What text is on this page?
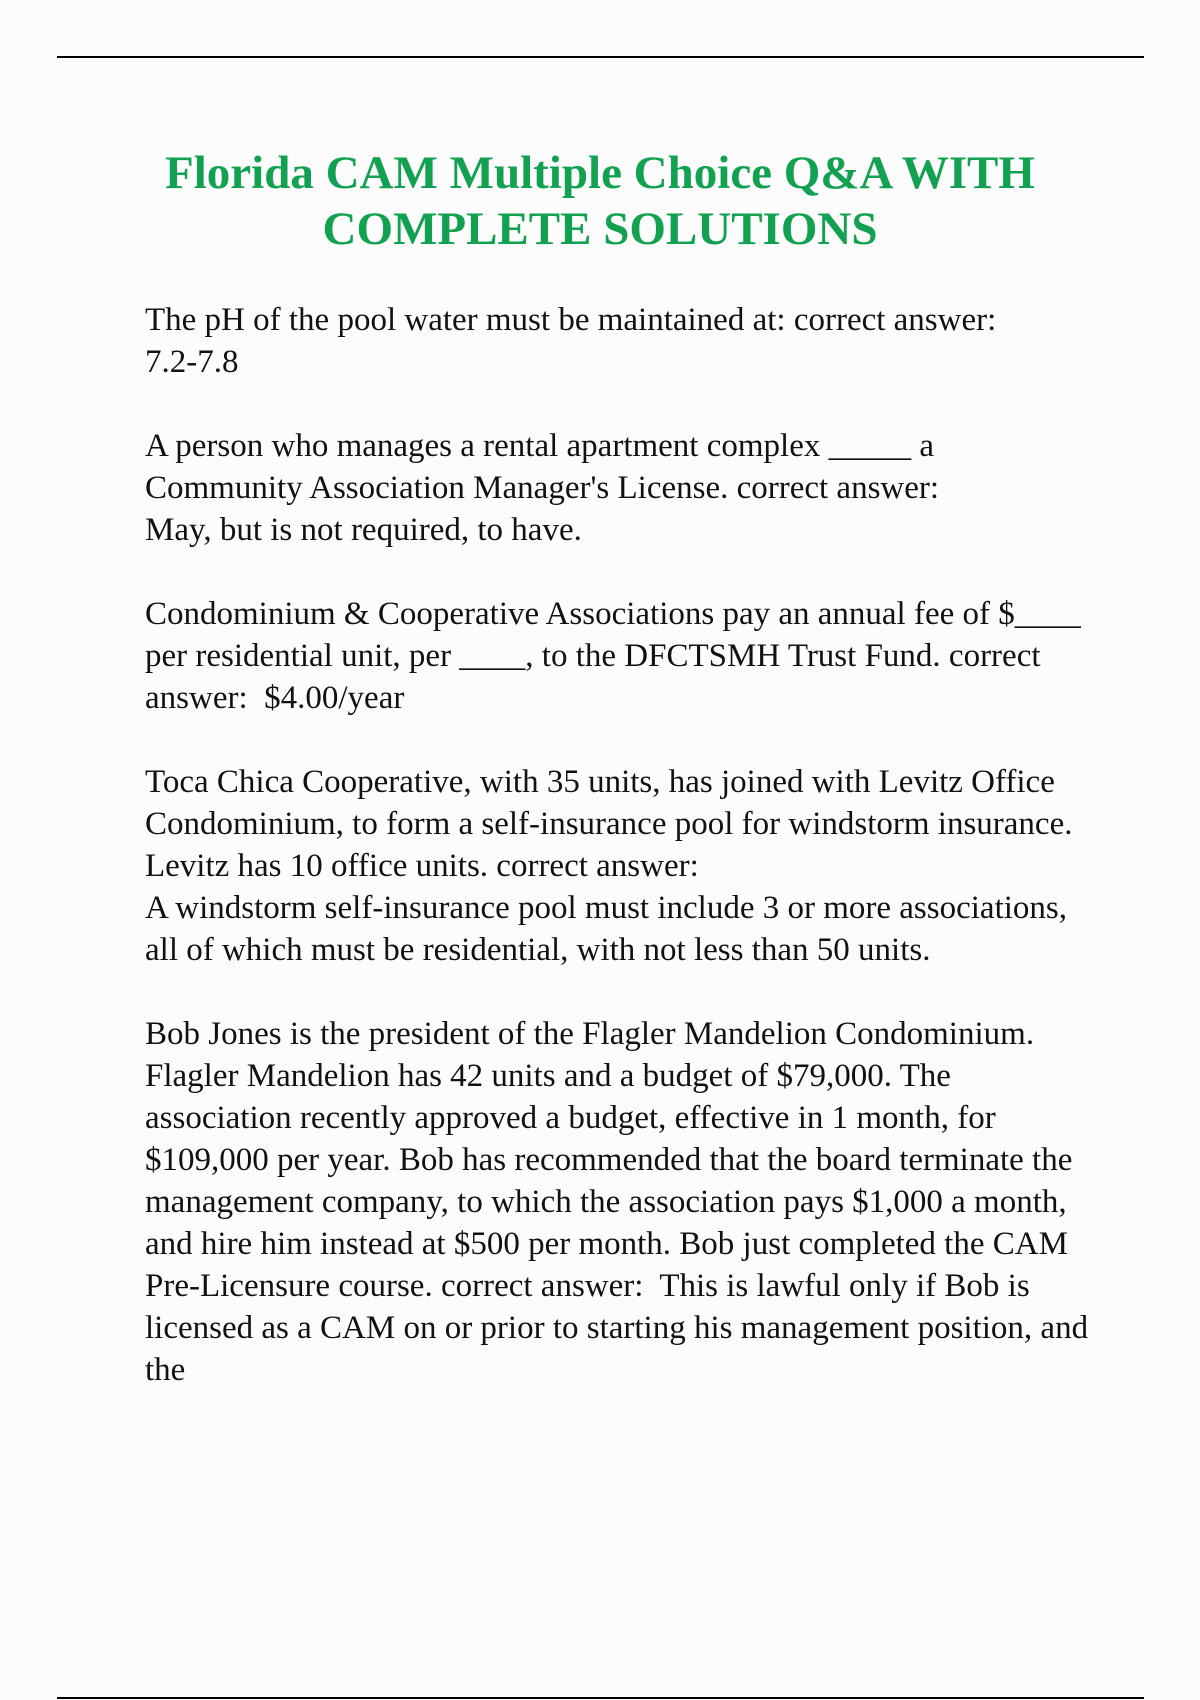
Florida CAM Multiple Choice Q&A WITH
COMPLETE SOLUTIONS

The pH of the pool water must be maintained at: correct answer:
7.2-7.8

A person who manages a rental apartment complex _____ a Community Association Manager's License. correct answer:
May, but is not required, to have.

Condominium & Cooperative Associations pay an annual fee of $____ per residential unit, per ____, to the DFCTSMH Trust Fund. correct answer:  $4.00/year

Toca Chica Cooperative, with 35 units, has joined with Levitz Office Condominium, to form a self-insurance pool for windstorm insurance. Levitz has 10 office units. correct answer:
A windstorm self-insurance pool must include 3 or more associations, all of which must be residential, with not less than 50 units.

Bob Jones is the president of the Flagler Mandelion Condominium. Flagler Mandelion has 42 units and a budget of $79,000. The association recently approved a budget, effective in 1 month, for $109,000 per year. Bob has recommended that the board terminate the management company, to which the association pays $1,000 a month, and hire him instead at $500 per month. Bob just completed the CAM Pre-Licensure course. correct answer:  This is lawful only if Bob is licensed as a CAM on or prior to starting his management position, and the
